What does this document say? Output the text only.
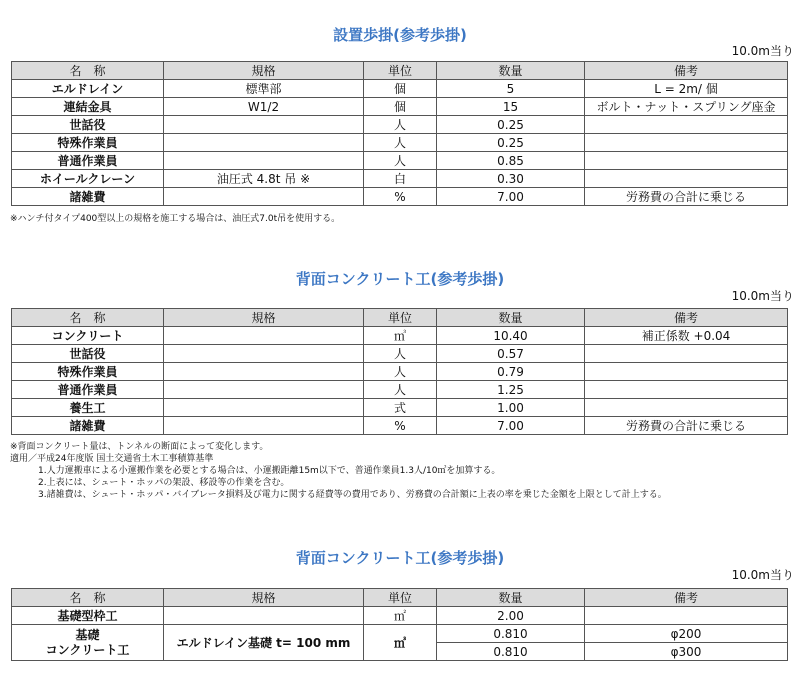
設置歩掛(参考歩掛)
10.0m当り
名　称	規格	単位	数量	備考
エルドレイン	標準部	個	5	L = 2m/ 個
連結金具	W1/2	個	15	ボルト・ナット・スプリング座金
世話役		人	0.25	
特殊作業員		人	0.25	
普通作業員		人	0.85	
ホイールクレーン	油圧式 4.8t 吊 ※	白	0.30	
諸雑費		%	7.00	労務費の合計に乗じる
※ハンチ付タイプ400型以上の規格を施工する場合は、油圧式7.0t吊を使用する。
背面コンクリート工(参考歩掛)
10.0m当り
名　称	規格	単位	数量	備考
コンクリート		㎥	10.40	補正係数 +0.04
世話役		人	0.57	
特殊作業員		人	0.79	
普通作業員		人	1.25	
養生工		式	1.00	
諸雑費		%	7.00	労務費の合計に乗じる
※背面コンクリート量は、トンネルの断面によって変化します。
適用／平成24年度版 国土交通省土木工事積算基準
1.人力運搬車による小運搬作業を必要とする場合は、小運搬距離15m以下で、普通作業員1.3人/10㎥を加算する。
2.上表には、シュート・ホッパの架設、移設等の作業を含む。
3.諸雑費は、シュート・ホッパ・バイブレータ損料及び電力に関する経費等の費用であり、労務費の合計額に上表の率を乗じた金額を上限として計上する。
背面コンクリート工(参考歩掛)
10.0m当り
名　称	規格	単位	数量	備考
基礎型枠工		㎡	2.00	

基礎
コンクリート工	エルドレイン基礎 t= 100 mm	㎥	0.810	φ200
			0.810	φ300
